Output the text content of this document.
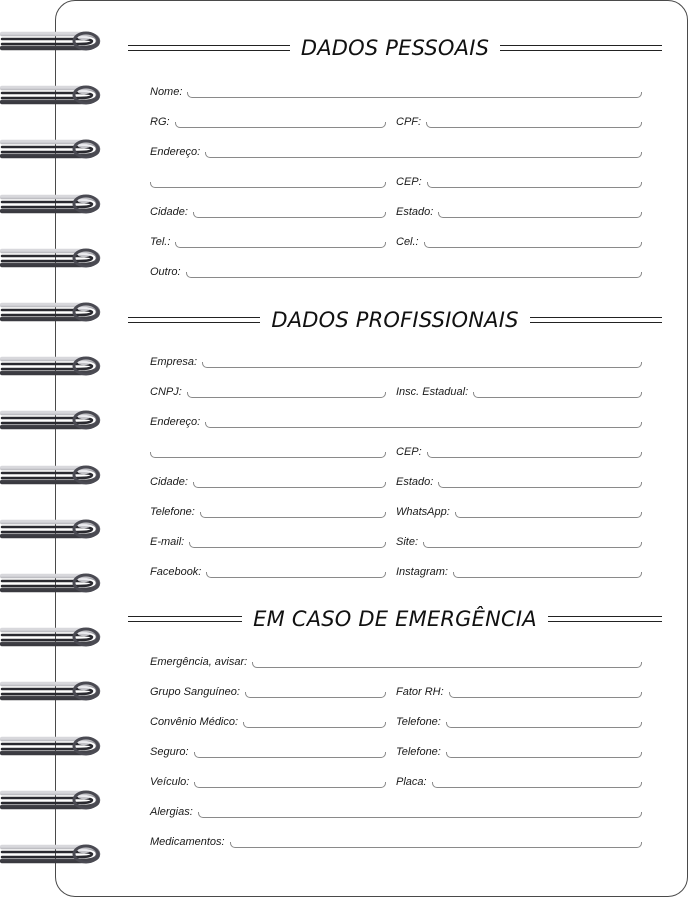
DADOS PESSOAIS
Nome:
RG:	CPF:
Endereço:
CEP:
Cidade:	Estado:
Tel.:	Cel.:
Outro:
DADOS PROFISSIONAIS
Empresa:
CNPJ:	Insc. Estadual:
Endereço:
CEP:
Cidade:	Estado:
Telefone:	WhatsApp:
E-mail:	Site:
Facebook:	Instagram:
EM CASO DE EMERGÊNCIA
Emergência, avisar:
Grupo Sanguíneo:	Fator RH:
Convênio Médico:	Telefone:
Seguro:	Telefone:
Veículo:	Placa:
Alergias:
Medicamentos:
